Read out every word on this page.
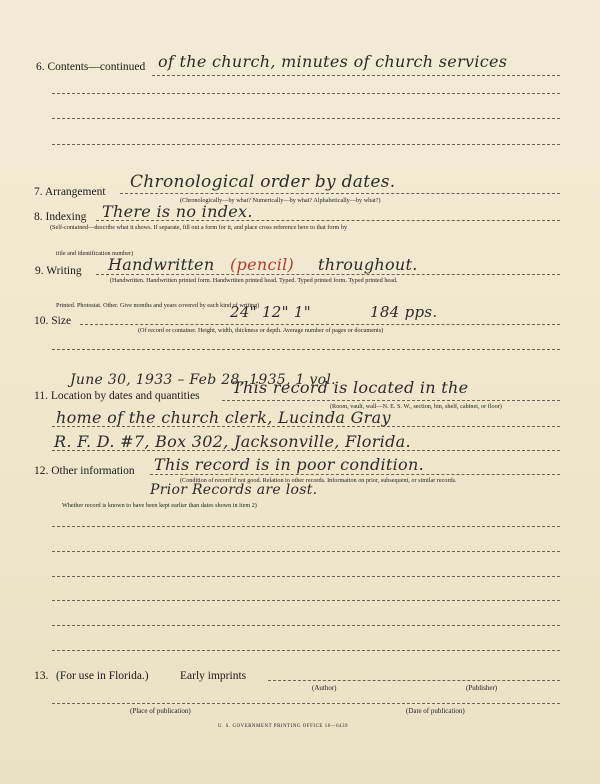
6. Contents—continued of the church, minutes of church services
7. Arrangement Chronological order by dates.
(Chronologically—by what? Numerically—by what? Alphabetically—by what?)
8. Indexing There is no index.
(Self-contained—describe what it shows. If separate, fill out a form for it, and place cross reference here to that form by
title and identification number)
9. Writing Handwritten (pencil) throughout.
(Handwritten. Handwritten printed form. Handwritten printed head. Typed. Typed printed form. Typed printed head.
Printed. Photostat. Other. Give months and years covered by each kind of writing)
10. Size	24" 12" 1"	184 pps.
(Of record or container. Height, width, thickness or depth. Average number of pages or documents)
June 30, 1933 – Feb 28, 1935, 1 vol.
11. Location by dates and quantities This record is located in the
(Room, vault, wall—N. E. S. W., section, bin, shelf, cabinet, or floor)
home of the church clerk, Lucinda Gray
R. F. D. #7, Box 302, Jacksonville, Florida.
12. Other information This record is in poor condition.
(Condition of record if not good. Relation to other records. Information on prior, subsequent, or similar records.
Prior Records are lost.
Whether record is known to have been kept earlier than dates shown in item 2)
13. (For use in Florida.)	Early imprints
(Author)	(Publisher)
(Place of publication)	(Date of publication)
U. S. GOVERNMENT PRINTING OFFICE 16—6439
